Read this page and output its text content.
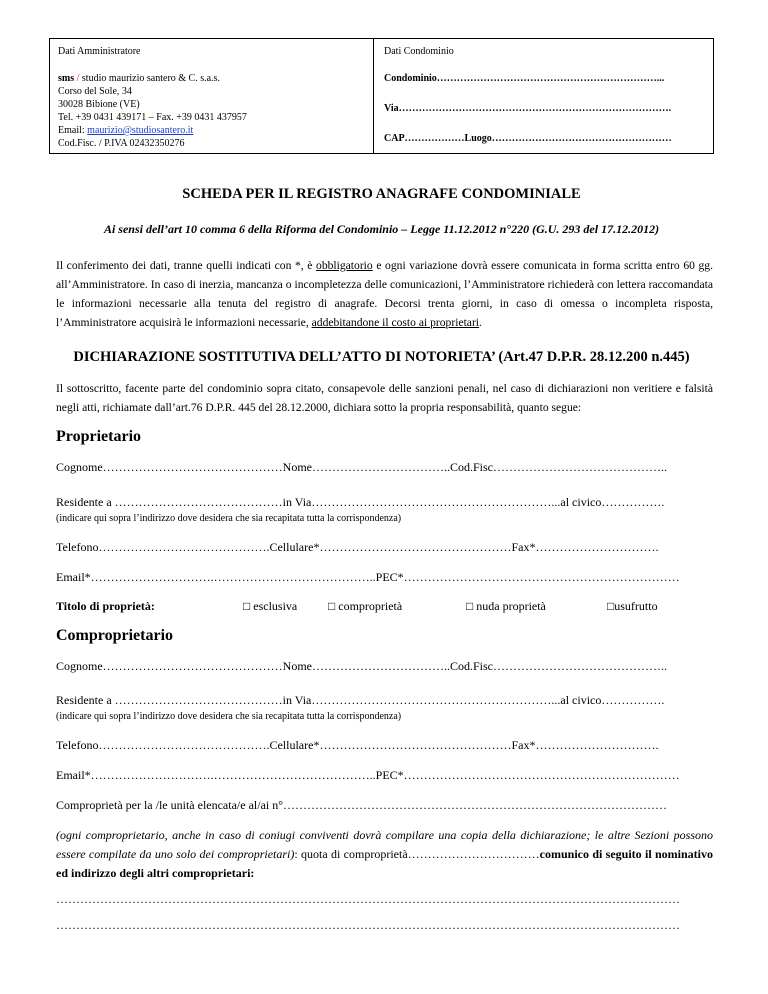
Dati Amministratore
sms / studio maurizio santero & C. s.a.s.
Corso del Sole, 34
30028 Bibione (VE)
Tel. +39 0431 439171 – Fax. +39 0431 437957
Email: maurizio@studiosantero.it
Cod.Fisc. / P.IVA 02432350276
Dati Condominio
Condominio…………………………………………………………...
Via……………………………………………………………………….
CAP………………Luogo………………………………………………
SCHEDA PER IL REGISTRO ANAGRAFE CONDOMINIALE
Ai sensi dell’art 10 comma 6 della Riforma del Condominio – Legge 11.12.2012 n°220 (G.U. 293 del 17.12.2012)
Il conferimento dei dati, tranne quelli indicati con *, è obbligatorio e ogni variazione dovrà essere comunicata in forma scritta entro 60 gg. all’Amministratore. In caso di inerzia, mancanza o incompletezza delle comunicazioni, l’Amministratore richiederà con lettera raccomandata le informazioni necessarie alla tenuta del registro di anagrafe. Decorsi trenta giorni, in caso di omessa o incompleta risposta, l’Amministratore acquisirà le informazioni necessarie, addebitandone il costo ai proprietari.
DICHIARAZIONE SOSTITUTIVA DELL’ATTO DI NOTORIETA’ (Art.47 D.P.R. 28.12.200 n.445)
Il sottoscritto, facente parte del condominio sopra citato, consapevole delle sanzioni penali, nel caso di dichiarazioni non veritiere e falsità negli atti, richiamate dall’art.76 D.P.R. 445 del 28.12.2000, dichiara sotto la propria responsabilità, quanto segue:
Proprietario
Cognome………………………………………Nome……………………………..Cod.Fisc……………………………………..
Residente a ……………………………………in Via……………………………………………………...al civico…………….
(indicare qui sopra l’indirizzo dove desidera che sia recapitata tutta la corrispondenza)
Telefono…………………………………….Cellulare*…………………………………………Fax*………………………….
Email*………………………….…………………………………..PEC*……………………………………………………………
Titolo di proprietà:	□ esclusiva	□ comproprietà	□ nuda proprietà	□usufrutto
Comproprietario
Cognome………………………………………Nome……………………………..Cod.Fisc……………………………………..
Residente a ……………………………………in Via……………………………………………………...al civico…………….
(indicare qui sopra l’indirizzo dove desidera che sia recapitata tutta la corrispondenza)
Telefono…………………………………….Cellulare*…………………………………………Fax*………………………….
Email*………………………….…………………………………..PEC*……………………………………………………………
Comproprietà per la /le unità elencata/e al/ai n°……………………………………………………………………………………
(ogni comproprietario, anche in caso di coniugi conviventi dovrà compilare una copia della dichiarazione; le altre Sezioni possono essere compilate da uno solo dei comproprietari): quota di comproprietà……………………………comunico di seguito il nominativo ed indirizzo degli altri comproprietari:
…………………………………………………………………………………………………………………………………………
…………………………………………………………………………………………………………………………………………
